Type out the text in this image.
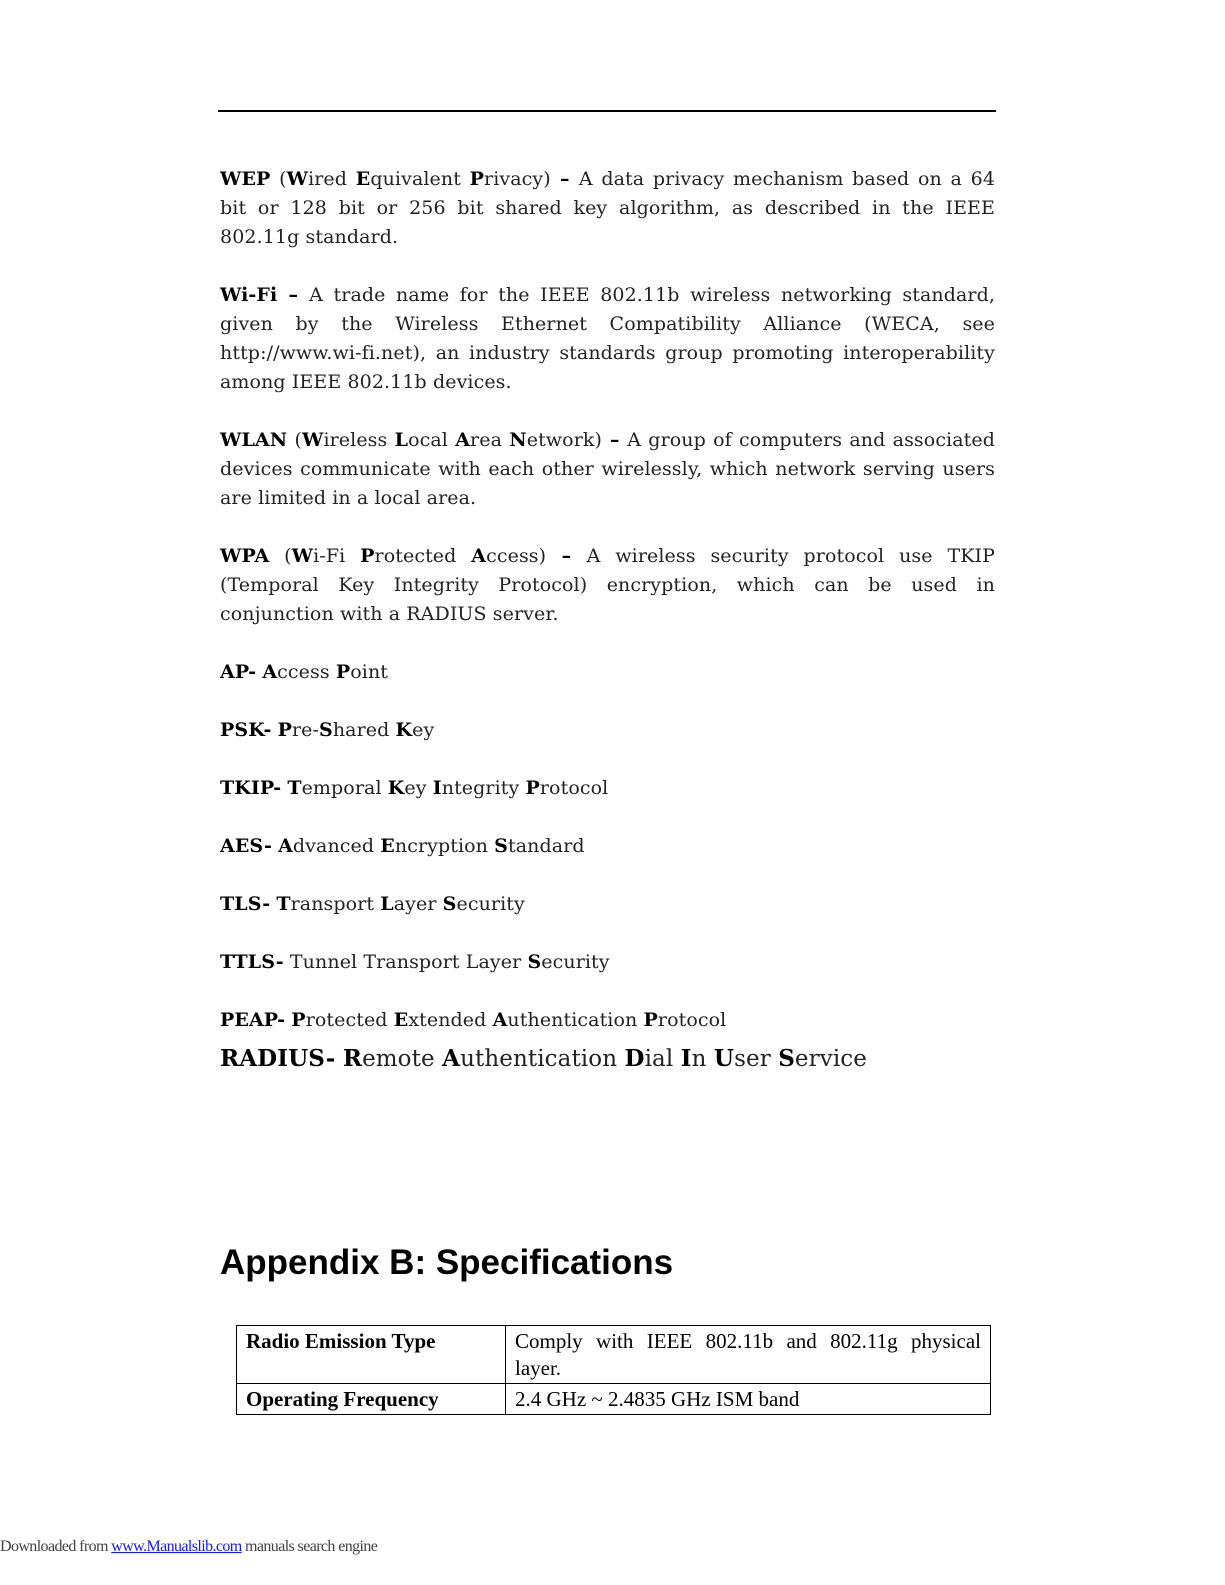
WEP (Wired Equivalent Privacy) – A data privacy mechanism based on a 64 bit or 128 bit or 256 bit shared key algorithm, as described in the IEEE 802.11g standard.

Wi-Fi – A trade name for the IEEE 802.11b wireless networking standard, given by the Wireless Ethernet Compatibility Alliance (WECA, see http://www.wi-fi.net), an industry standards group promoting interoperability among IEEE 802.11b devices.

WLAN (Wireless Local Area Network) – A group of computers and associated devices communicate with each other wirelessly, which network serving users are limited in a local area.

WPA (Wi-Fi Protected Access) – A wireless security protocol use TKIP (Temporal Key Integrity Protocol) encryption, which can be used in conjunction with a RADIUS server.

AP- Access Point

PSK- Pre-Shared Key

TKIP- Temporal Key Integrity Protocol

AES- Advanced Encryption Standard

TLS- Transport Layer Security

TTLS- Tunnel Transport Layer Security

PEAP- Protected Extended Authentication Protocol

RADIUS- Remote Authentication Dial In User Service

Appendix B: Specifications
Radio Emission Type	Comply with IEEE 802.11b and 802.11g physical layer.
Operating Frequency	2.4 GHz ~ 2.4835 GHz ISM band
Downloaded from www.Manualslib.com manuals search engine
